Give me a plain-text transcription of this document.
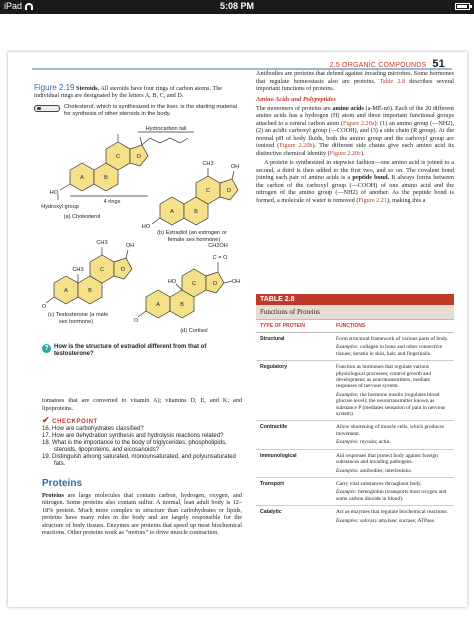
iPad	5:08 PM
2.5 ORGANIC COMPOUNDS 51
Figure 2.19 Steroids. All steroids have four rings of carbon atoms. The individual rings are designated by the letters A, B, C, and D.
Cholesterol, which is synthesized in the liver, is the starting material for synthesis of other steroids in the body.
Hydrocarbon tail
4 rings
Hydroxyl group
HO
A	B
C	D
(a) Cholesterol
A	B
C	D
HO
OH
CH3
(b) Estradiol (an estrogen or
female sex hormone)
A	B
C	D
O
OH
CH3
CH3
(c) Testosterone (a male
sex hormone)
A	B
C	D
CH2OH
C = O
OH
HO
O
(d) Cortisol
? How is the structure of estradiol different from that of testosterone?

tomatoes that are converted to vitamin A); vitamins D, E, and K; and lipoproteins.

✔ CHECKPOINT
16. How are carbohydrates classified?
17. How are dehydration synthesis and hydrolysis reactions related?
18. What is the importance to the body of triglycerides, phospholipids, steroids, lipoproteins, and eicosanoids?
19. Distinguish among saturated, monounsaturated, and polyunsaturated fats.
Proteins

Proteins are large molecules that contain carbon, hydrogen, oxygen, and nitrogen. Some proteins also contain sulfur. A normal, lean adult body is 12–18% protein. Much more complex in structure than carbohydrates or lipids, proteins have many roles in the body and are largely responsible for the structure of body tissues. Enzymes are proteins that speed up most biochemical reactions. Other proteins work as “motors” to drive muscle contraction.

Antibodies are proteins that defend against invading microbes. Some hormones that regulate homeostasis also are proteins. Table 2.8 describes several important functions of proteins.

Amino Acids and Polypeptides

The monomers of proteins are amino acids (a-MĒ-nō). Each of the 20 different amino acids has a hydrogen (H) atom and three important functional groups attached to a central carbon atom (Figure 2.20a): (1) an amino group (—NH2), (2) an acidic carboxyl group (—COOH), and (3) a side chain (R group). At the normal pH of body fluids, both the amino group and the carboxyl group are ionized (Figure 2.20b). The different side chains give each amino acid its distinctive chemical identity (Figure 2.20c).

A protein is synthesized in stepwise fashion—one amino acid is joined to a second, a third is then added to the first two, and so on. The covalent bond joining each pair of amino acids is a peptide bond. It always forms between the carbon of the carboxyl group (—COOH) of one amino acid and the nitrogen of the amino group (—NH2) of another. As the peptide bond is formed, a molecule of water is removed (Figure 2.21), making this a

TABLE 2.8
Functions of Proteins
TYPE OF PROTEIN	FUNCTIONS
Structural	Form structural framework of various parts of body.

Examples: collagen in bone and other connective tissues; keratin in skin, hair, and fingernails.

Regulatory	Function as hormones that regulate various physiological processes; control growth and development; as neurotransmitters, mediate responses of nervous system.

Examples: the hormone insulin (regulates blood glucose level); the neurotransmitter known as substance P (mediates sensation of pain in nervous system).

Contractile	Allow shortening of muscle cells, which produces movement.

Examples: myosin; actin.

Immunological	Aid responses that protect body against foreign substances and invading pathogens.

Examples: antibodies; interleukins.

Transport	Carry vital substances throughout body.

Example: hemoglobin (transports most oxygen and some carbon dioxide in blood).

Catalytic	Act as enzymes that regulate biochemical reactions.

Examples: salivary amylase; sucrase; ATPase.
